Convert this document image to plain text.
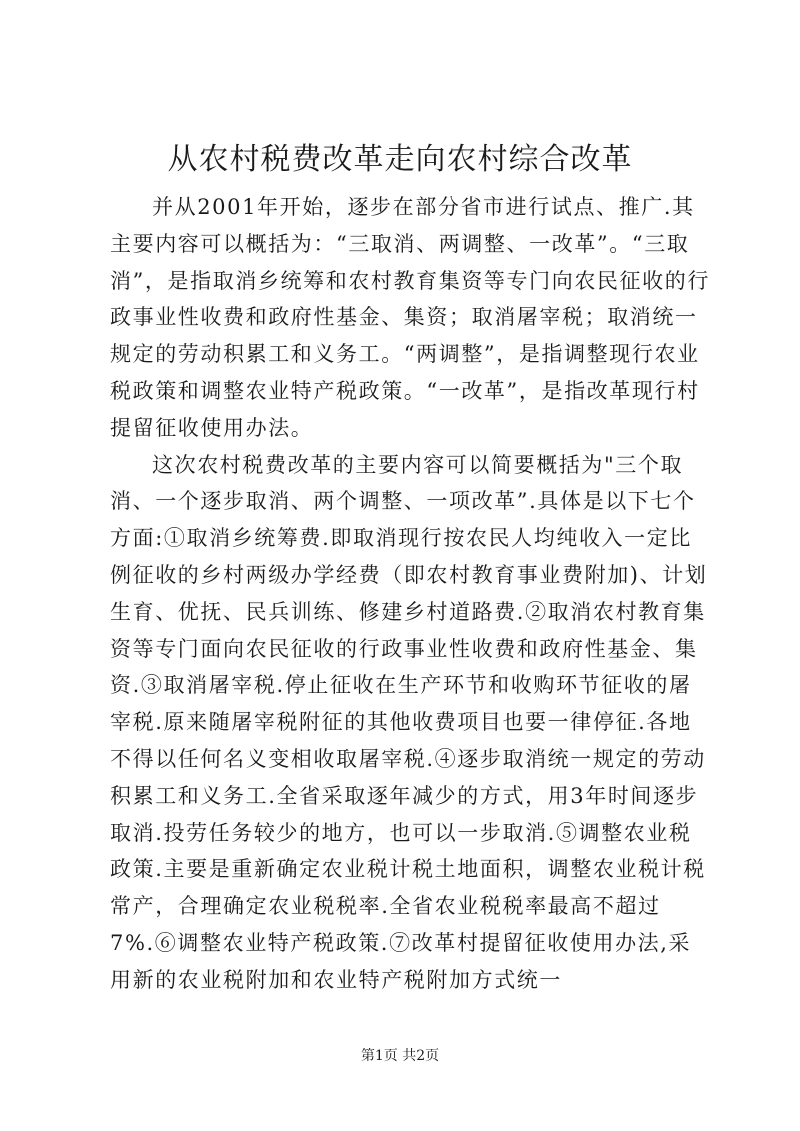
从农村税费改革走向农村综合改革

并从2001年开始，逐步在部分省市进行试点、推广.其主要内容可以概括为：“三取消、两调整、一改革”。“三取消”，是指取消乡统筹和农村教育集资等专门向农民征收的行政事业性收费和政府性基金、集资；取消屠宰税；取消统一规定的劳动积累工和义务工。“两调整”，是指调整现行农业税政策和调整农业特产税政策。“一改革”，是指改革现行村提留征收使用办法。

这次农村税费改革的主要内容可以简要概括为"三个取消、一个逐步取消、两个调整、一项改革”.具体是以下七个方面:①取消乡统筹费.即取消现行按农民人均纯收入一定比例征收的乡村两级办学经费（即农村教育事业费附加)、计划生育、优抚、民兵训练、修建乡村道路费.②取消农村教育集资等专门面向农民征收的行政事业性收费和政府性基金、集资.③取消屠宰税.停止征收在生产环节和收购环节征收的屠宰税.原来随屠宰税附征的其他收费项目也要一律停征.各地不得以任何名义变相收取屠宰税.④逐步取消统一规定的劳动积累工和义务工.全省采取逐年减少的方式，用3年时间逐步取消.投劳任务较少的地方，也可以一步取消.⑤调整农业税政策.主要是重新确定农业税计税土地面积，调整农业税计税常产，合理确定农业税税率.全省农业税税率最高不超过7%.⑥调整农业特产税政策.⑦改革村提留征收使用办法,采用新的农业税附加和农业特产税附加方式统一

第1页 共2页
